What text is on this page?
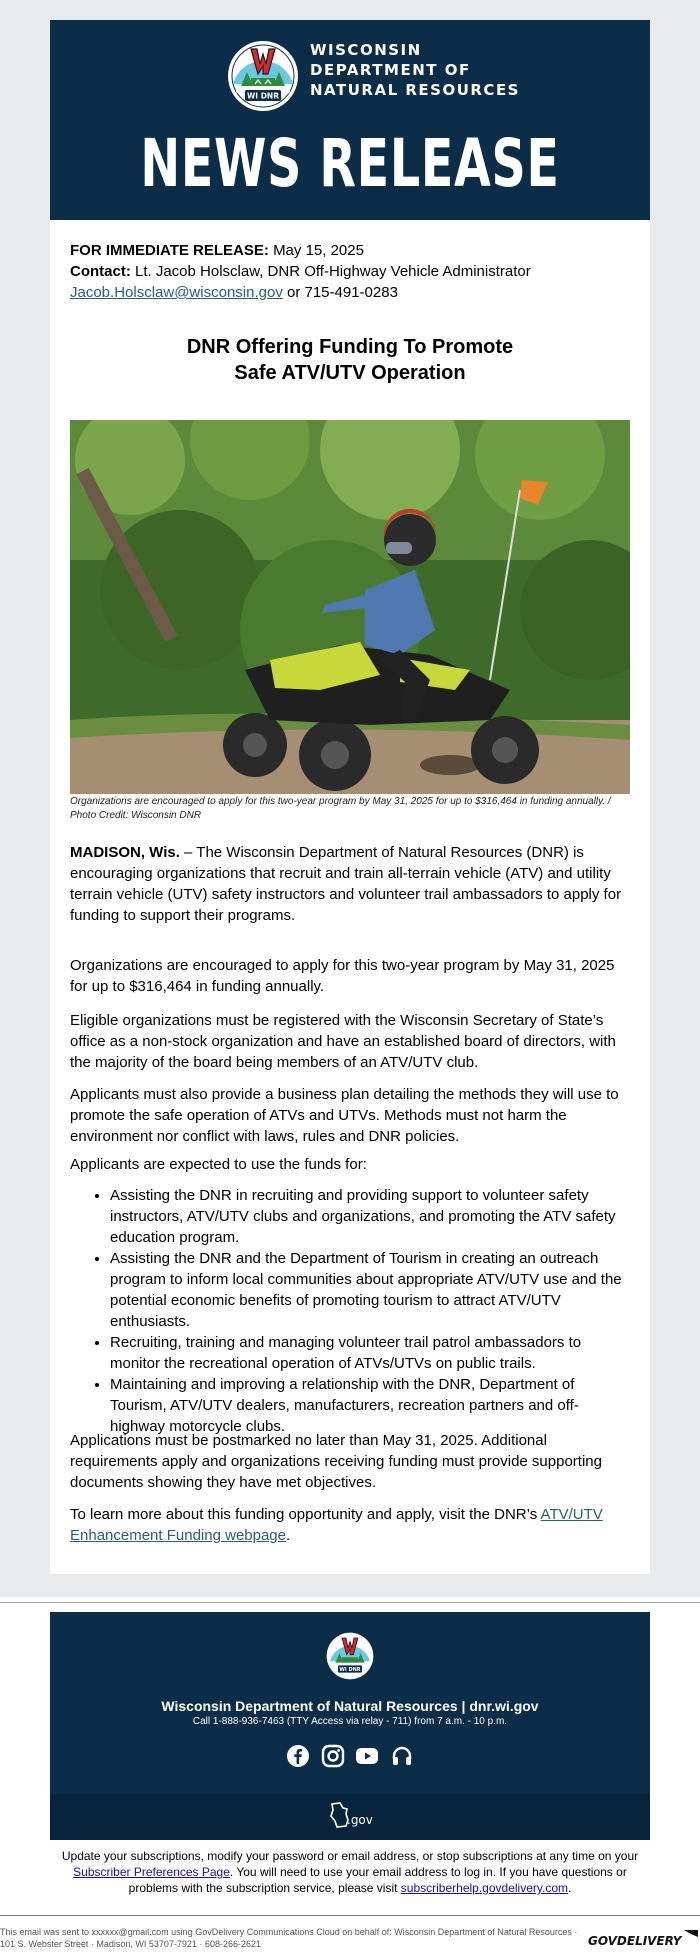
WI DNR
WISCONSIN
DEPARTMENT OF
NATURAL RESOURCES
NEWS RELEASE
FOR IMMEDIATE RELEASE: May 15, 2025
Contact: Lt. Jacob Holsclaw, DNR Off-Highway Vehicle Administrator
Jacob.Holsclaw@wisconsin.gov or 715-491-0283
DNR Offering Funding To Promote
Safe ATV/UTV Operation
Organizations are encouraged to apply for this two-year program by May 31, 2025 for up to $316,464 in funding annually. / Photo Credit: Wisconsin DNR
MADISON, Wis. – The Wisconsin Department of Natural Resources (DNR) is encouraging organizations that recruit and train all-terrain vehicle (ATV) and utility terrain vehicle (UTV) safety instructors and volunteer trail ambassadors to apply for funding to support their programs.
Organizations are encouraged to apply for this two-year program by May 31, 2025 for up to $316,464 in funding annually.
Eligible organizations must be registered with the Wisconsin Secretary of State’s office as a non-stock organization and have an established board of directors, with the majority of the board being members of an ATV/UTV club.
Applicants must also provide a business plan detailing the methods they will use to promote the safe operation of ATVs and UTVs. Methods must not harm the environment nor conflict with laws, rules and DNR policies.
Applicants are expected to use the funds for:
• Assisting the DNR in recruiting and providing support to volunteer safety instructors, ATV/UTV clubs and organizations, and promoting the ATV safety education program.
• Assisting the DNR and the Department of Tourism in creating an outreach program to inform local communities about appropriate ATV/UTV use and the potential economic benefits of promoting tourism to attract ATV/UTV enthusiasts.
• Recruiting, training and managing volunteer trail patrol ambassadors to monitor the recreational operation of ATVs/UTVs on public trails.
• Maintaining and improving a relationship with the DNR, Department of Tourism, ATV/UTV dealers, manufacturers, recreation partners and off-highway motorcycle clubs.
Applications must be postmarked no later than May 31, 2025. Additional requirements apply and organizations receiving funding must provide supporting documents showing they have met objectives.
To learn more about this funding opportunity and apply, visit the DNR’s ATV/UTV Enhancement Funding webpage.
WI DNR
Wisconsin Department of Natural Resources | dnr.wi.gov
Call 1-888-936-7463 (TTY Access via relay - 711) from 7 a.m. - 10 p.m.

.gov
Update your subscriptions, modify your password or email address, or stop subscriptions at any time on your Subscriber Preferences Page. You will need to use your email address to log in. If you have questions or problems with the subscription service, please visit subscriberhelp.govdelivery.com.
This email was sent to xxxxxx@gmail.com using GovDelivery Communications Cloud on behalf of: Wisconsin Department of Natural Resources · 101 S. Webster Street · Madison, WI 53707-7921 · 608-266-2621	GOVDELIVERY
